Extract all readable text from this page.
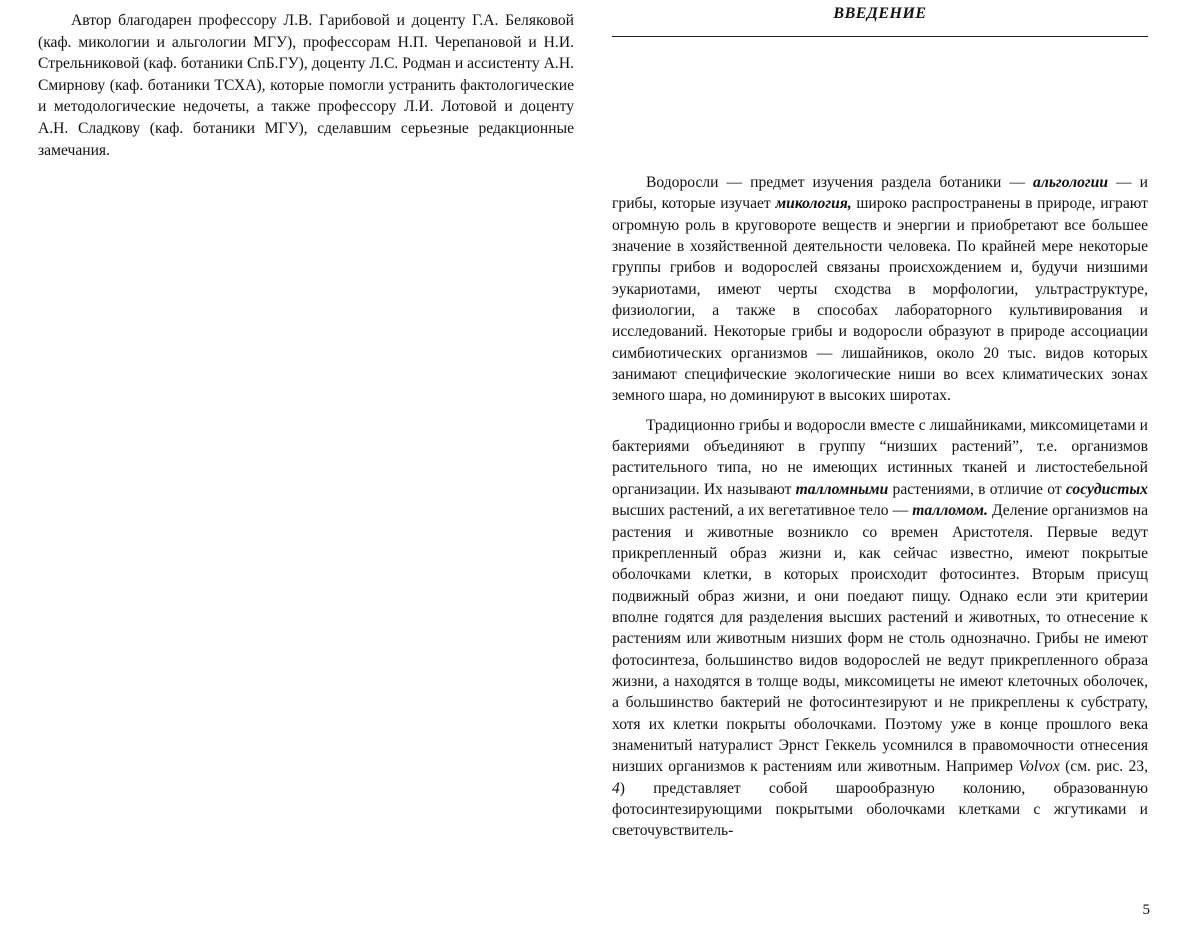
Автор благодарен профессору Л.В. Гарибовой и доценту Г.А. Беляковой (каф. микологии и альгологии МГУ), профессорам Н.П. Черепановой и Н.И. Стрельниковой (каф. ботаники СпБ.ГУ), доценту Л.С. Родман и ассистенту А.Н. Смирнову (каф. ботаники ТСХА), которые помогли устранить фактологические и методологические недочеты, а также профессору Л.И. Лотовой и доценту А.Н. Сладкову (каф. ботаники МГУ), сделавшим серьезные редакционные замечания.

ВВЕДЕНИЕ

Водоросли — предмет изучения раздела ботаники — альгологии — и грибы, которые изучает микология, широко распространены в природе, играют огромную роль в круговороте веществ и энергии и приобретают все большее значение в хозяйственной деятельности человека. По крайней мере некоторые группы грибов и водорослей связаны происхождением и, будучи низшими эукариотами, имеют черты сходства в морфологии, ультраструктуре, физиологии, а также в способах лабораторного культивирования и исследований. Некоторые грибы и водоросли образуют в природе ассоциации симбиотических организмов — лишайников, около 20 тыс. видов которых занимают специфические экологические ниши во всех климатических зонах земного шара, но доминируют в высоких широтах.

Традиционно грибы и водоросли вместе с лишайниками, миксомицетами и бактериями объединяют в группу “низших растений”, т.е. организмов растительного типа, но не имеющих истинных тканей и листостебельной организации. Их называют талломными растениями, в отличие от сосудистых высших растений, а их вегетативное тело — талломом. Деление организмов на растения и животные возникло со времен Аристотеля. Первые ведут прикрепленный образ жизни и, как сейчас известно, имеют покрытые оболочками клетки, в которых происходит фотосинтез. Вторым присущ подвижный образ жизни, и они поедают пищу. Однако если эти критерии вполне годятся для разделения высших растений и животных, то отнесение к растениям или животным низших форм не столь однозначно. Грибы не имеют фотосинтеза, большинство видов водорослей не ведут прикрепленного образа жизни, а находятся в толще воды, миксомицеты не имеют клеточных оболочек, а большинство бактерий не фотосинтезируют и не прикреплены к субстрату, хотя их клетки покрыты оболочками. Поэтому уже в конце прошлого века знаменитый натуралист Эрнст Геккель усомнился в правомочности отнесения низших организмов к растениям или животным. Например Volvox (см. рис. 23, 4) представляет собой шарообразную колонию, образованную фотосинтезирующими покрытыми оболочками клетками с жгутиками и светочувствитель-

5
